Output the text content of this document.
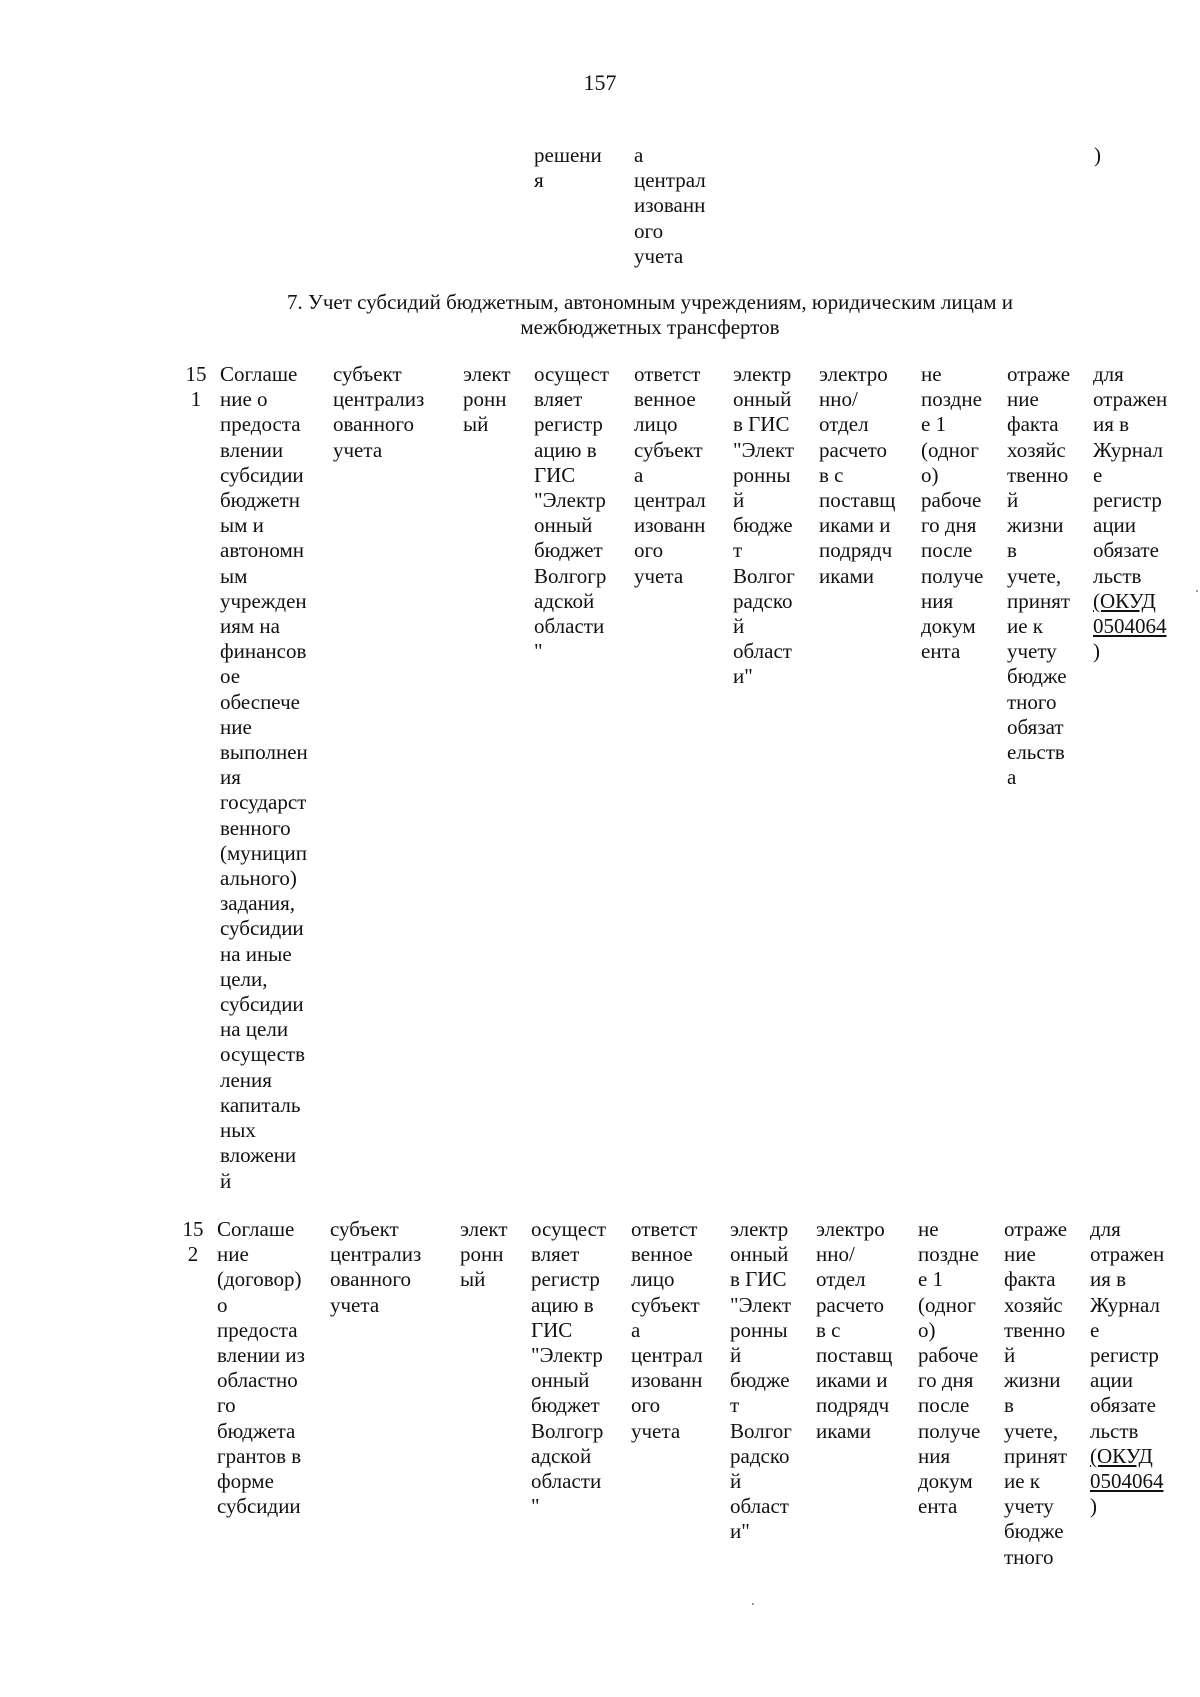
157
решени
я
а
централ
изованн
ого
учета
)
7. Учет субсидий бюджетным, автономным учреждениям, юридическим лицам и
межбюджетных трансфертов
15
1
Соглаше
ние о
предоста
влении
субсидии
бюджетн
ым и
автономн
ым
учрежден
иям на
финансов
ое
обеспече
ние
выполнен
ия
государст
венного
(муницип
ального)
задания,
субсидии
на иные
цели,
субсидии
на цели
осуществ
ления
капиталь
ных
вложени
й
субъект
централиз
ованного
учета
элект
ронн
ый
осущест
вляет
регистр
ацию в
ГИС
"Электр
онный
бюджет
Волгогр
адской
области
"
ответст
венное
лицо
субъект
а
централ
изованн
ого
учета
электр
онный
в ГИС
"Элект
ронны
й
бюдже
т
Волгог
радско
й
област
и"
электро
нно/
отдел
расчето
в с
поставщ
иками и
подрядч
иками
не
поздне
е 1
(одног
о)
рабоче
го дня
после
получе
ния
докум
ента
отраже
ние
факта
хозяйс
твенно
й
жизни
в
учете,
принят
ие к
учету
бюдже
тного
обязат
ельств
а
для
отражен
ия в
Журнал
е
регистр
ации
обязате
льств
(ОКУД
0504064
)
15
2
Соглаше
ние
(договор)
о
предоста
влении из
областно
го
бюджета
грантов в
форме
субсидии
субъект
централиз
ованного
учета
элект
ронн
ый
осущест
вляет
регистр
ацию в
ГИС
"Электр
онный
бюджет
Волгогр
адской
области
"
ответст
венное
лицо
субъект
а
централ
изованн
ого
учета
электр
онный
в ГИС
"Элект
ронны
й
бюдже
т
Волгог
радско
й
област
и"
электро
нно/
отдел
расчето
в с
поставщ
иками и
подрядч
иками
не
поздне
е 1
(одног
о)
рабоче
го дня
после
получе
ния
докум
ента
отраже
ние
факта
хозяйс
твенно
й
жизни
в
учете,
принят
ие к
учету
бюдже
тного
для
отражен
ия в
Журнал
е
регистр
ации
обязате
льств
(ОКУД
0504064
)
